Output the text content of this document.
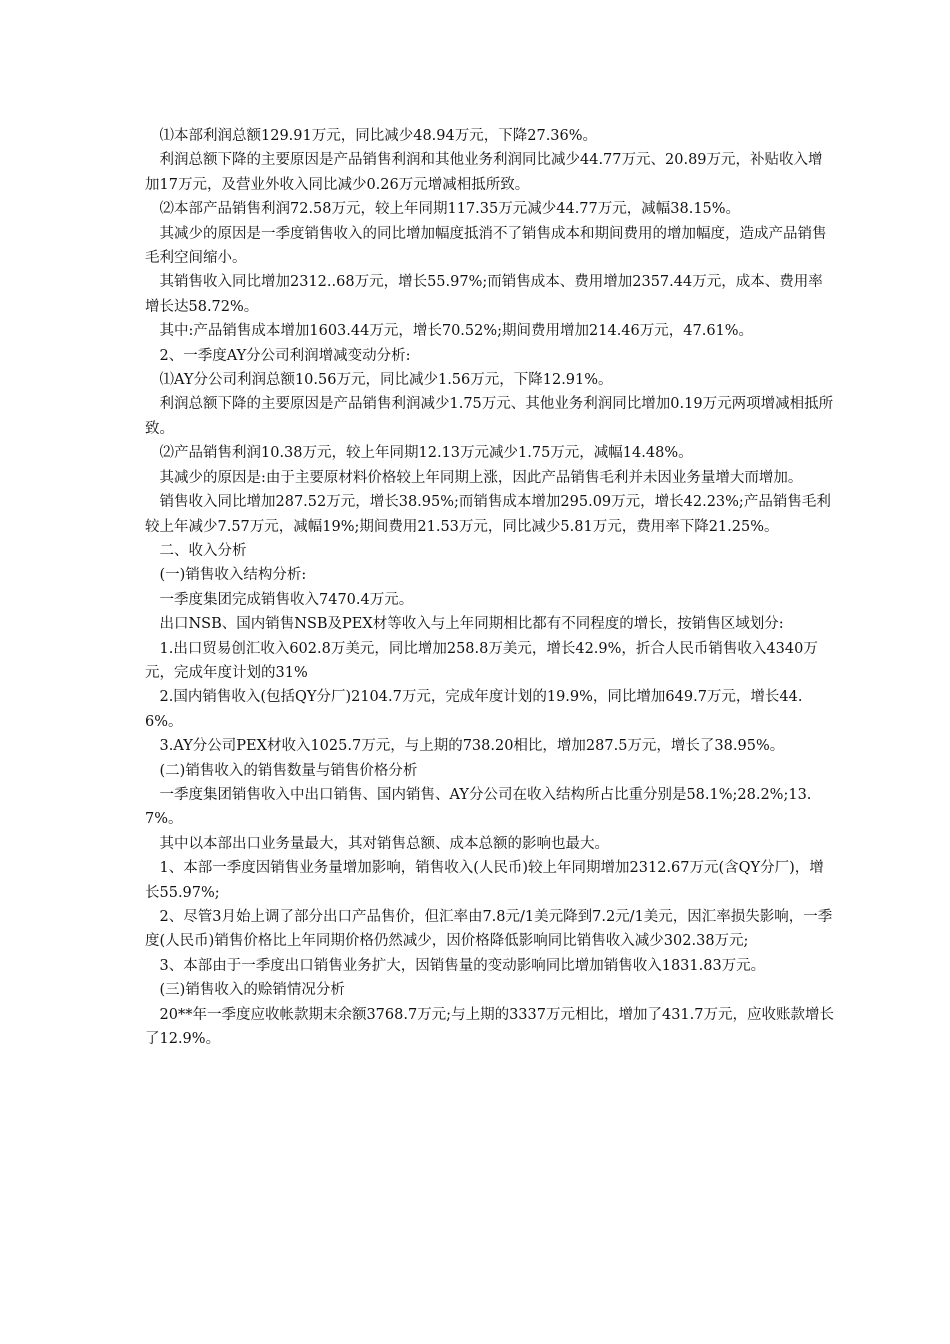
⑴本部利润总额129.91万元，同比减少48.94万元，下降27.36%。

利润总额下降的主要原因是产品销售利润和其他业务利润同比减少44.77万元、20.89万元，补贴收入增加17万元，及营业外收入同比减少0.26万元增减相抵所致。

⑵本部产品销售利润72.58万元，较上年同期117.35万元减少44.77万元，减幅38.15%。

其减少的原因是一季度销售收入的同比增加幅度抵消不了销售成本和期间费用的增加幅度，造成产品销售毛利空间缩小。

其销售收入同比增加2312..68万元，增长55.97%;而销售成本、费用增加2357.44万元，成本、费用率增长达58.72%。

其中:产品销售成本增加1603.44万元，增长70.52%;期间费用增加214.46万元，47.61%。

2、一季度AY分公司利润增减变动分析:

⑴AY分公司利润总额10.56万元，同比减少1.56万元，下降12.91%。

利润总额下降的主要原因是产品销售利润减少1.75万元、其他业务利润同比增加0.19万元两项增减相抵所致。

⑵产品销售利润10.38万元，较上年同期12.13万元减少1.75万元，减幅14.48%。

其减少的原因是:由于主要原材料价格较上年同期上涨，因此产品销售毛利并未因业务量增大而增加。

销售收入同比增加287.52万元，增长38.95%;而销售成本增加295.09万元，增长42.23%;产品销售毛利较上年减少7.57万元，减幅19%;期间费用21.53万元，同比减少5.81万元，费用率下降21.25%。

二、收入分析

(一)销售收入结构分析:

一季度集团完成销售收入7470.4万元。

出口NSB、国内销售NSB及PEX材等收入与上年同期相比都有不同程度的增长，按销售区域划分:

1.出口贸易创汇收入602.8万美元，同比增加258.8万美元，增长42.9%，折合人民币销售收入4340万元，完成年度计划的31%

2.国内销售收入(包括QY分厂)2104.7万元，完成年度计划的19.9%，同比增加649.7万元，增长44.6%。

3.AY分公司PEX材收入1025.7万元，与上期的738.20相比，增加287.5万元，增长了38.95%。

(二)销售收入的销售数量与销售价格分析

一季度集团销售收入中出口销售、国内销售、AY分公司在收入结构所占比重分别是58.1%;28.2%;13.7%。

其中以本部出口业务量最大，其对销售总额、成本总额的影响也最大。

1、本部一季度因销售业务量增加影响，销售收入(人民币)较上年同期增加2312.67万元(含QY分厂)，增长55.97%;

2、尽管3月始上调了部分出口产品售价，但汇率由7.8元/1美元降到7.2元/1美元，因汇率损失影响，一季度(人民币)销售价格比上年同期价格仍然减少，因价格降低影响同比销售收入减少302.38万元;

3、本部由于一季度出口销售业务扩大，因销售量的变动影响同比增加销售收入1831.83万元。

(三)销售收入的赊销情况分析

20**年一季度应收帐款期末余额3768.7万元;与上期的3337万元相比，增加了431.7万元，应收账款增长了12.9%。
